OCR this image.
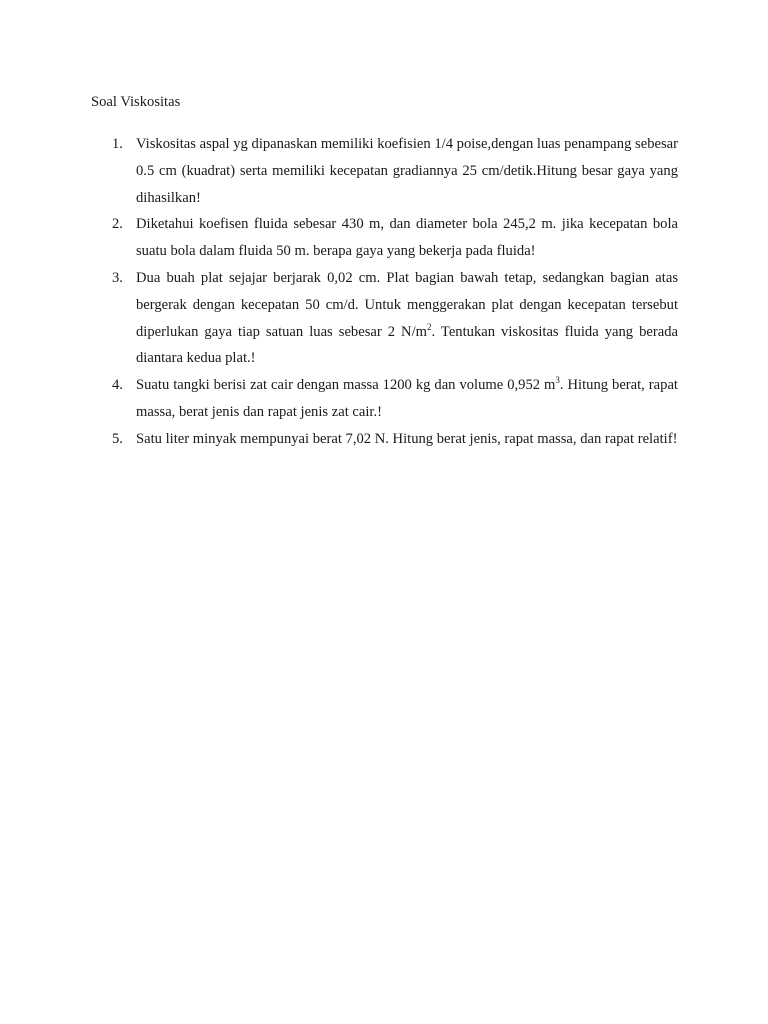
Soal Viskositas
1. Viskositas aspal yg dipanaskan memiliki koefisien 1/4 poise,dengan luas penampang sebesar 0.5 cm (kuadrat) serta memiliki kecepatan gradiannya 25 cm/detik.Hitung besar gaya yang dihasilkan!
2. Diketahui koefisen fluida sebesar 430 m, dan diameter bola 245,2 m. jika kecepatan bola suatu bola dalam fluida 50 m. berapa gaya yang bekerja pada fluida!
3. Dua buah plat sejajar berjarak 0,02 cm. Plat bagian bawah tetap, sedangkan bagian atas bergerak dengan kecepatan 50 cm/d. Untuk menggerakan plat dengan kecepatan tersebut diperlukan gaya tiap satuan luas sebesar 2 $N/m^2$. Tentukan viskositas fluida yang berada diantara kedua plat.!
4. Suatu tangki berisi zat cair dengan massa 1200 kg dan volume 0,952 $m^3$. Hitung berat, rapat massa, berat jenis dan rapat jenis zat cair.!
5. Satu liter minyak mempunyai berat 7,02 N. Hitung berat jenis, rapat massa, dan rapat relatif!
